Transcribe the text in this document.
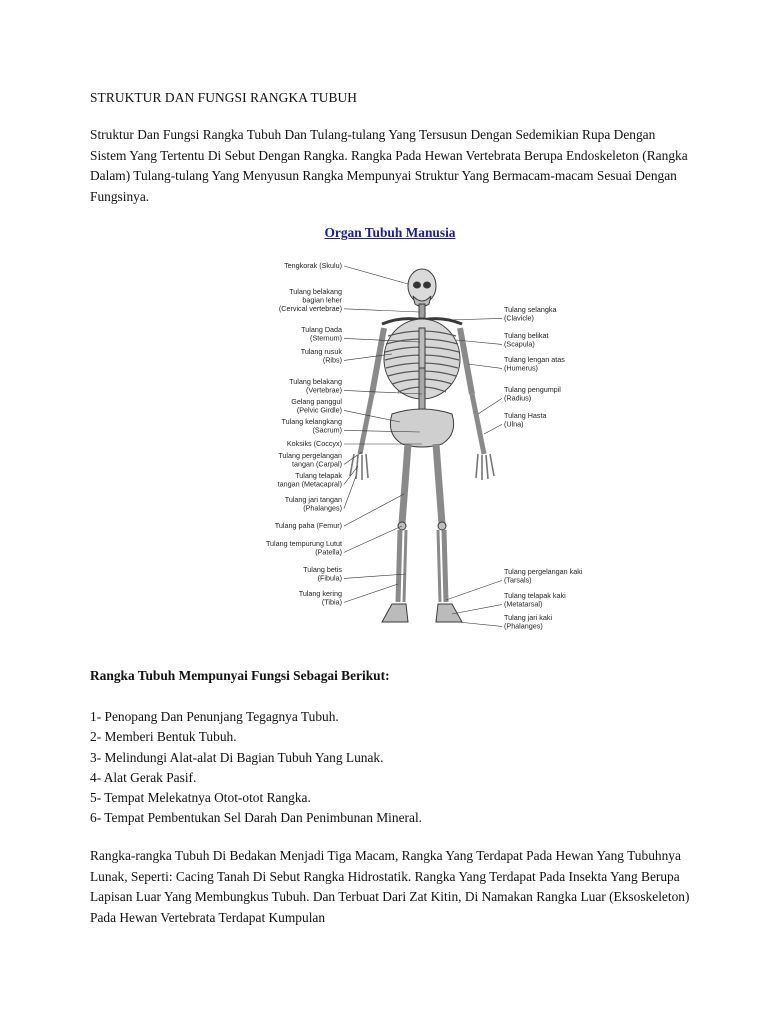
STRUKTUR DAN FUNGSI RANGKA TUBUH

Struktur Dan Fungsi Rangka Tubuh Dan Tulang-tulang Yang Tersusun Dengan Sedemikian Rupa Dengan Sistem Yang Tertentu Di Sebut Dengan Rangka. Rangka Pada Hewan Vertebrata Berupa Endoskeleton (Rangka Dalam) Tulang-tulang Yang Menyusun Rangka Mempunyai Struktur Yang Bermacam-macam Sesuai Dengan Fungsinya.

Organ Tubuh Manusia
Tengkorak (Skulu)
Tulang belakang
bagian leher
(Cervical vertebrae)
Tulang Dada
(Sternum)
Tulang rusuk
(Ribs)
Tulang belakang
(Vertebrae)
Gelang panggul
(Pelvic Girdle)
Tulang kelangkang
(Sacrum)
Koksiks (Coccyx)
Tulang pergelangan
tangan (Carpal)
Tulang telapak
tangan (Metacapral)
Tulang jari tangan
(Phalanges)
Tulang paha (Femur)
Tulang tempurung Lutut
(Patella)
Tulang betis
(Fibula)
Tulang kering
(Tibia)
Tulang selangka
(Clavicle)
Tulang belikat
(Scapula)
Tulang lengan atas
(Humerus)
Tulang pengumpil
(Radius)
Tulang Hasta
(Ulna)
Tulang pergelangan kaki
(Tarsals)
Tulang telapak kaki
(Metatarsal)
Tulang jari kaki
(Phalanges)
Rangka Tubuh Mempunyai Fungsi Sebagai Berikut:
1- Penopang Dan Penunjang Tegagnya Tubuh.
2- Memberi Bentuk Tubuh.
3- Melindungi Alat-alat Di Bagian Tubuh Yang Lunak.
4- Alat Gerak Pasif.
5- Tempat Melekatnya Otot-otot Rangka.
6- Tempat Pembentukan Sel Darah Dan Penimbunan Mineral.

Rangka-rangka Tubuh Di Bedakan Menjadi Tiga Macam, Rangka Yang Terdapat Pada Hewan Yang Tubuhnya Lunak, Seperti: Cacing Tanah Di Sebut Rangka Hidrostatik. Rangka Yang Terdapat Pada Insekta Yang Berupa Lapisan Luar Yang Membungkus Tubuh. Dan Terbuat Dari Zat Kitin, Di Namakan Rangka Luar (Eksoskeleton) Pada Hewan Vertebrata Terdapat Kumpulan
